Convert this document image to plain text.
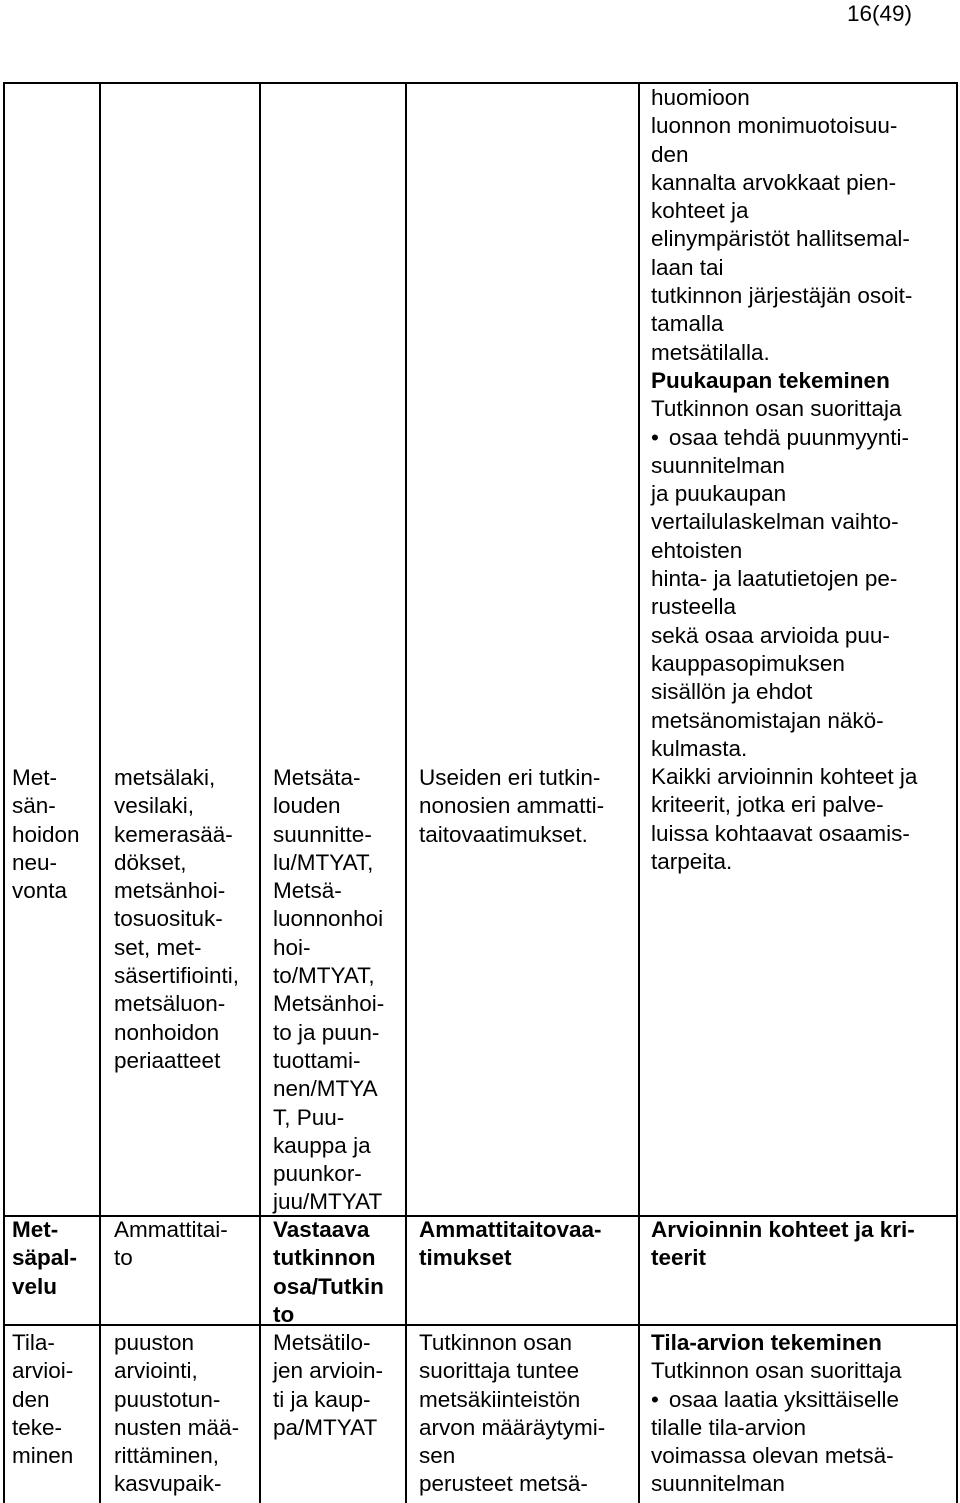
16(49)
Met-
sän-
hoidon
neu-
vonta
metsälaki,
vesilaki,
kemerasää-
dökset,
metsänhoi-
tosuosituk-
set, met-
säsertifiointi,
metsäluon-
nonhoidon
periaatteet
Metsäta-
louden
suunnitte-
lu/MTYAT,
Metsä-
luonnonhoi
hoi-
to/MTYAT,
Metsänhoi-
to ja puun-
tuottami-
nen/MTYA
T, Puu-
kauppa ja
puunkor-
juu/MTYAT
Useiden eri tutkin-
nonosien ammatti-
taitovaatimukset.
huomioon
luonnon monimuotoisuu-
den
kannalta arvokkaat pien-
kohteet ja
elinympäristöt hallitsemal-
laan tai
tutkinnon järjestäjän osoit-
tamalla
metsätilalla.
Puukaupan tekeminen
Tutkinnon osan suorittaja
• osaa tehdä puunmyynti-
suunnitelman
ja puukaupan
vertailulaskelman vaihto-
ehtoisten
hinta- ja laatutietojen pe-
rusteella
sekä osaa arvioida puu-
kauppasopimuksen
sisällön ja ehdot
metsänomistajan näkö-
kulmasta.
Kaikki arvioinnin kohteet ja
kriteerit, jotka eri palve-
luissa kohtaavat osaamis-
tarpeita.
Met-
säpal-
velu
Ammattitai-
to
Vastaava
tutkinnon
osa/Tutkin
to
Ammattitaitovaa-
timukset
Arvioinnin kohteet ja kri-
teerit
Tila-
arvioi-
den
teke-
minen
puuston
arviointi,
puustotun-
nusten mää-
rittäminen,
kasvupaik-
Metsätilo-
jen arvioin-
ti ja kaup-
pa/MTYAT
Tutkinnon osan
suorittaja tuntee
metsäkiinteistön
arvon määräytymi-
sen
perusteet metsä-
Tila-arvion tekeminen
Tutkinnon osan suorittaja
• osaa laatia yksittäiselle
tilalle tila-arvion
voimassa olevan metsä-
suunnitelman
